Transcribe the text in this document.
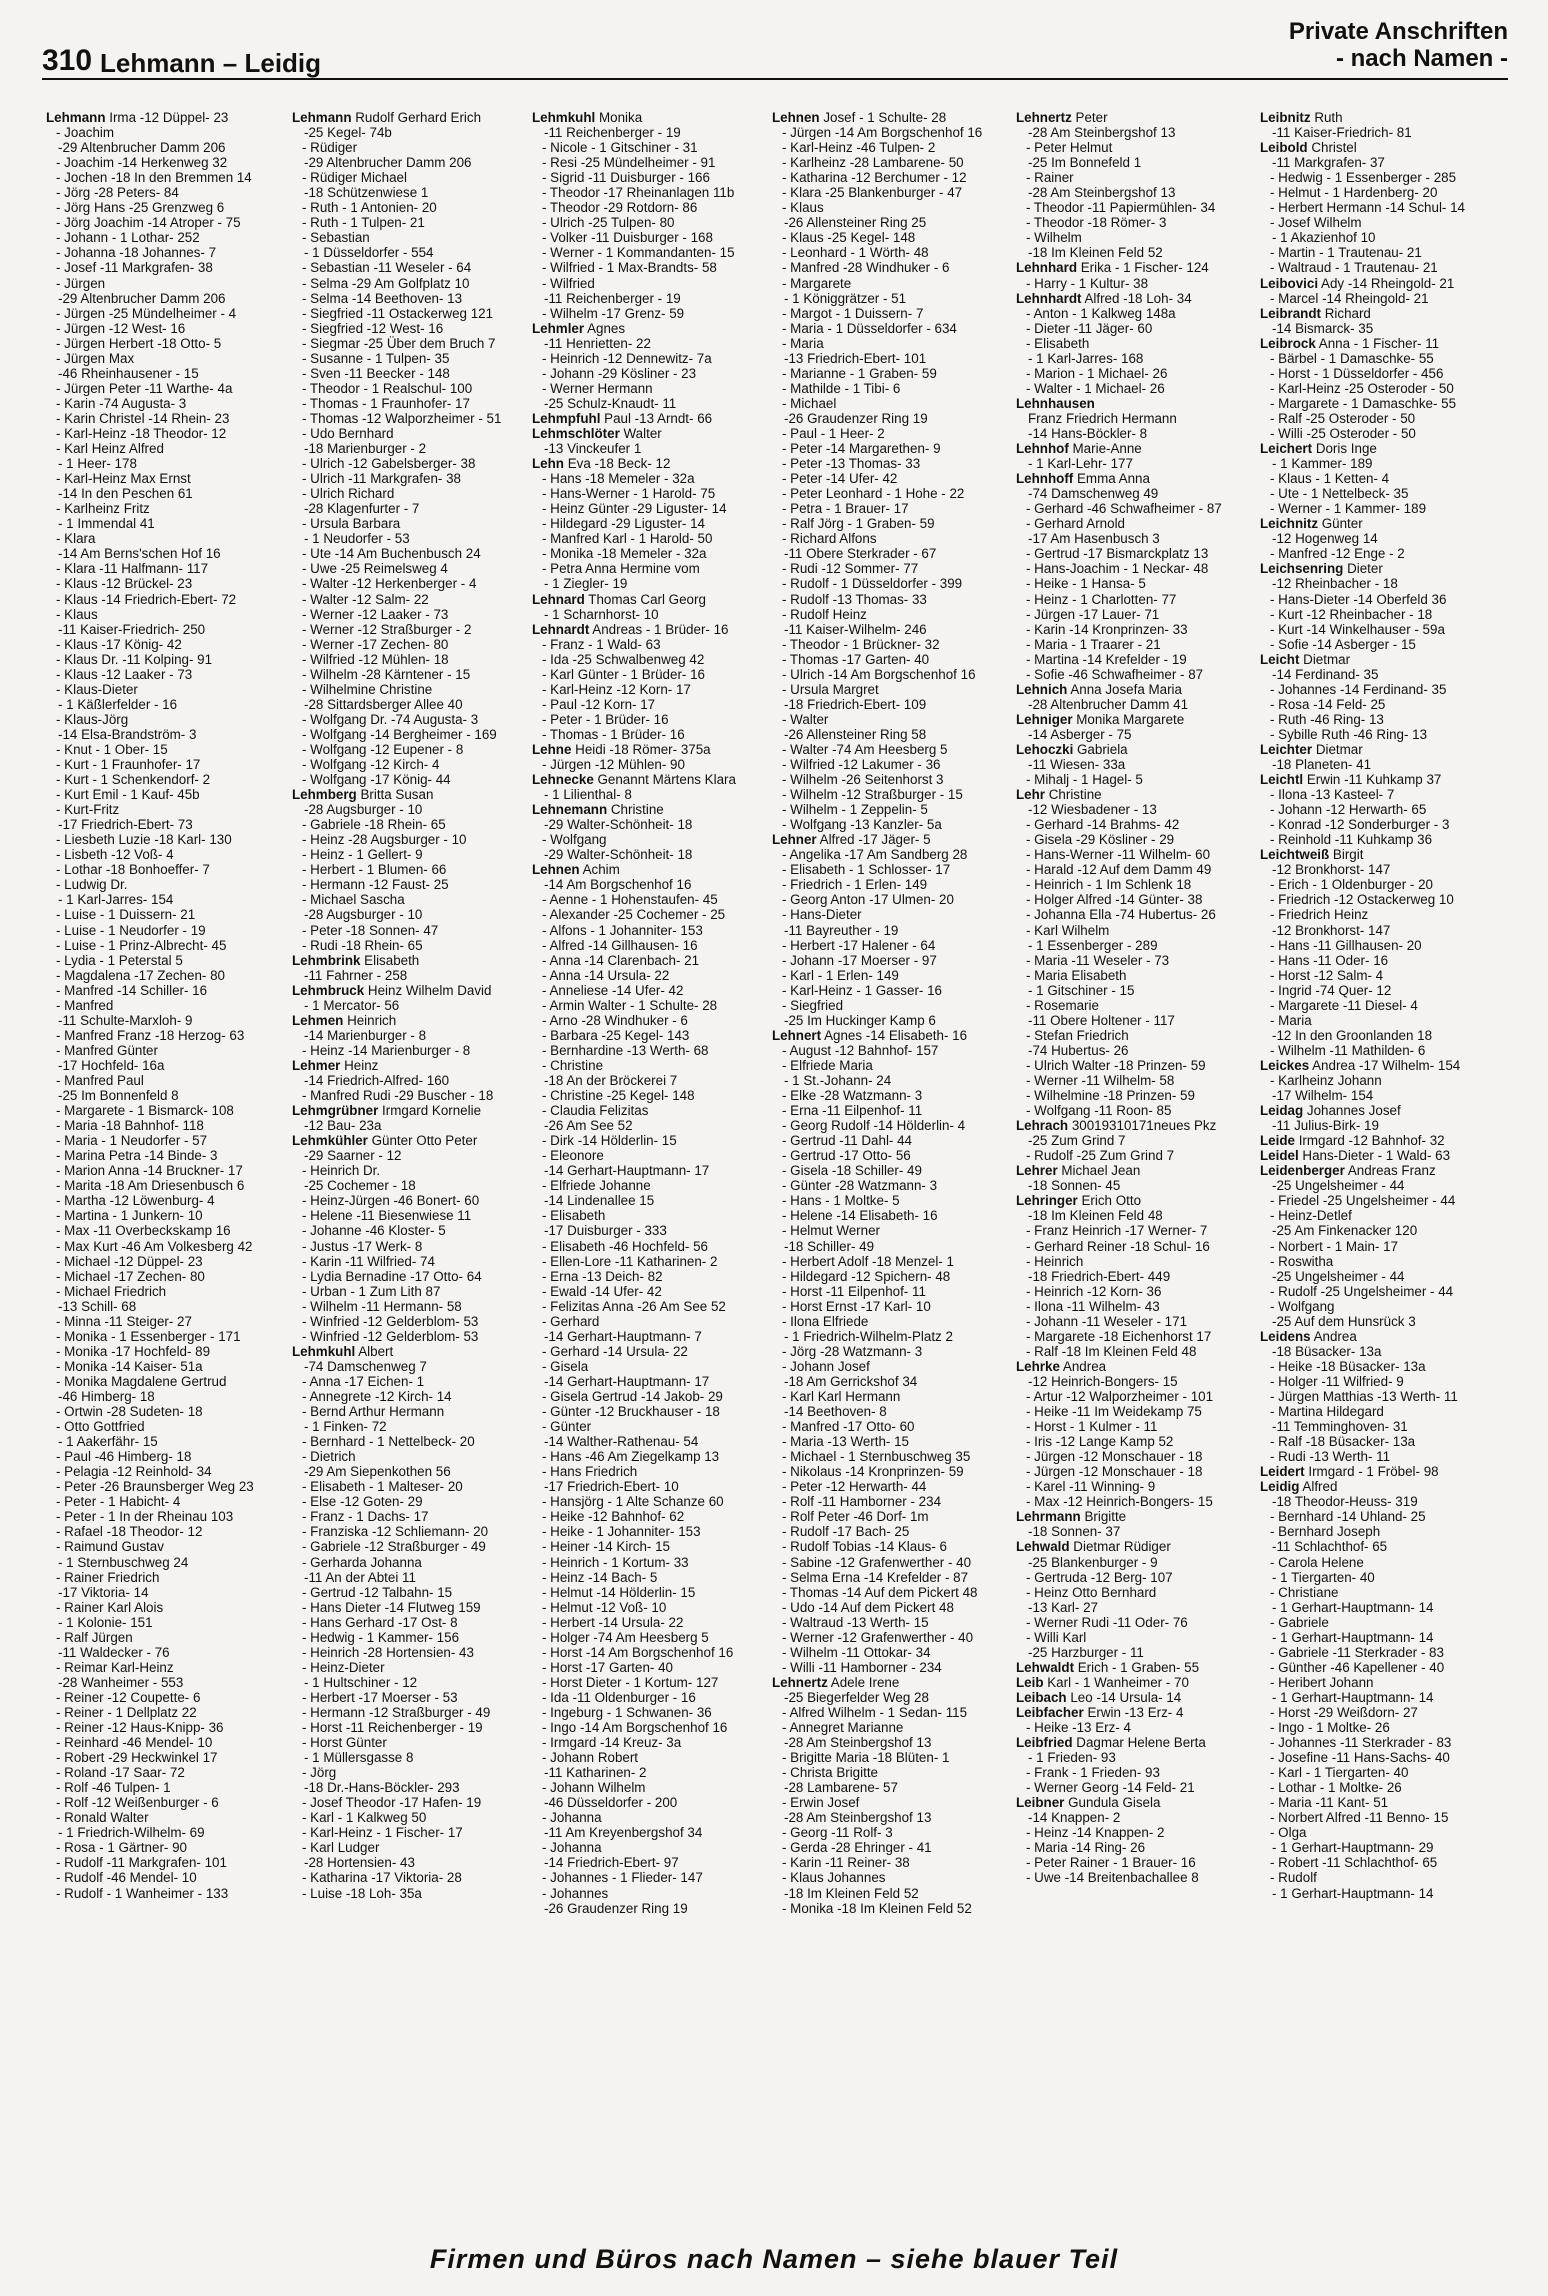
310 Lehmann – Leidig
Private Anschriften
- nach Namen -
Lehmann Irma -12 Düppel- 23
- Joachim
-29 Altenbrucher Damm 206
- Joachim -14 Herkenweg 32
- Jochen -18 In den Bremmen 14
- Jörg -28 Peters- 84
- Jörg Hans -25 Grenzweg 6
- Jörg Joachim -14 Atroper - 75
- Johann - 1 Lothar- 252
- Johanna -18 Johannes- 7
- Josef -11 Markgrafen- 38
- Jürgen
-29 Altenbrucher Damm 206
- Jürgen -25 Mündelheimer - 4
- Jürgen -12 West- 16
- Jürgen Herbert -18 Otto- 5
- Jürgen Max
-46 Rheinhausener - 15
- Jürgen Peter -11 Warthe- 4a
- Karin -74 Augusta- 3
- Karin Christel -14 Rhein- 23
- Karl-Heinz -18 Theodor- 12
- Karl Heinz Alfred
- 1 Heer- 178
- Karl-Heinz Max Ernst
-14 In den Peschen 61
- Karlheinz Fritz
- 1 Immendal 41
- Klara
-14 Am Berns'schen Hof 16
- Klara -11 Halfmann- 117
- Klaus -12 Brückel- 23
- Klaus -14 Friedrich-Ebert- 72
- Klaus
-11 Kaiser-Friedrich- 250
- Klaus -17 König- 42
- Klaus Dr. -11 Kolping- 91
- Klaus -12 Laaker - 73
- Klaus-Dieter
- 1 Käßlerfelder - 16
- Klaus-Jörg
-14 Elsa-Brandström- 3
- Knut - 1 Ober- 15
- Kurt - 1 Fraunhofer- 17
- Kurt - 1 Schenkendorf- 2
- Kurt Emil - 1 Kauf- 45b
- Kurt-Fritz
-17 Friedrich-Ebert- 73
- Liesbeth Luzie -18 Karl- 130
- Lisbeth -12 Voß- 4
- Lothar -18 Bonhoeffer- 7
- Ludwig Dr.
- 1 Karl-Jarres- 154
- Luise - 1 Duissern- 21
- Luise - 1 Neudorfer - 19
- Luise - 1 Prinz-Albrecht- 45
- Lydia - 1 Peterstal 5
- Magdalena -17 Zechen- 80
- Manfred -14 Schiller- 16
- Manfred
-11 Schulte-Marxloh- 9
- Manfred Franz -18 Herzog- 63
- Manfred Günter
-17 Hochfeld- 16a
- Manfred Paul
-25 Im Bonnenfeld 8
- Margarete - 1 Bismarck- 108
- Maria -18 Bahnhof- 118
- Maria - 1 Neudorfer - 57
- Marina Petra -14 Binde- 3
- Marion Anna -14 Bruckner- 17
- Marita -18 Am Driesenbusch 6
- Martha -12 Löwenburg- 4
- Martina - 1 Junkern- 10
- Max -11 Overbeckskamp 16
- Max Kurt -46 Am Volkesberg 42
- Michael -12 Düppel- 23
- Michael -17 Zechen- 80
- Michael Friedrich
-13 Schill- 68
- Minna -11 Steiger- 27
- Monika - 1 Essenberger - 171
- Monika -17 Hochfeld- 89
- Monika -14 Kaiser- 51a
- Monika Magdalene Gertrud
-46 Himberg- 18
- Ortwin -28 Sudeten- 18
- Otto Gottfried
- 1 Aakerfähr- 15
- Paul -46 Himberg- 18
- Pelagia -12 Reinhold- 34
- Peter -26 Braunsberger Weg 23
- Peter - 1 Habicht- 4
- Peter - 1 In der Rheinau 103
- Rafael -18 Theodor- 12
- Raimund Gustav
- 1 Sternbuschweg 24
- Rainer Friedrich
-17 Viktoria- 14
- Rainer Karl Alois
- 1 Kolonie- 151
- Ralf Jürgen
-11 Waldecker - 76
- Reimar Karl-Heinz
-28 Wanheimer - 553
- Reiner -12 Coupette- 6
- Reiner - 1 Dellplatz 22
- Reiner -12 Haus-Knipp- 36
- Reinhard -46 Mendel- 10
- Robert -29 Heckwinkel 17
- Roland -17 Saar- 72
- Rolf -46 Tulpen- 1
- Rolf -12 Weißenburger - 6
- Ronald Walter
- 1 Friedrich-Wilhelm- 69
- Rosa - 1 Gärtner- 90
- Rudolf -11 Markgrafen- 101
- Rudolf -46 Mendel- 10
- Rudolf - 1 Wanheimer - 133
Lehmann Rudolf Gerhard Erich
-25 Kegel- 74b
- Rüdiger
-29 Altenbrucher Damm 206
- Rüdiger Michael
-18 Schützenwiese 1
- Ruth - 1 Antonien- 20
- Ruth - 1 Tulpen- 21
- Sebastian
- 1 Düsseldorfer - 554
- Sebastian -11 Weseler - 64
- Selma -29 Am Golfplatz 10
- Selma -14 Beethoven- 13
- Siegfried -11 Ostackerweg 121
- Siegfried -12 West- 16
- Siegmar -25 Über dem Bruch 7
- Susanne - 1 Tulpen- 35
- Sven -11 Beecker - 148
- Theodor - 1 Realschul- 100
- Thomas - 1 Fraunhofer- 17
- Thomas -12 Walporzheimer - 51
- Udo Bernhard
-18 Marienburger - 2
- Ulrich -12 Gabelsberger- 38
- Ulrich -11 Markgrafen- 38
- Ulrich Richard
-28 Klagenfurter - 7
- Ursula Barbara
- 1 Neudorfer - 53
- Ute -14 Am Buchenbusch 24
- Uwe -25 Reimelsweg 4
- Walter -12 Herkenberger - 4
- Walter -12 Salm- 22
- Werner -12 Laaker - 73
- Werner -12 Straßburger - 2
- Werner -17 Zechen- 80
- Wilfried -12 Mühlen- 18
- Wilhelm -28 Kärntener - 15
- Wilhelmine Christine
-28 Sittardsberger Allee 40
- Wolfgang Dr. -74 Augusta- 3
- Wolfgang -14 Bergheimer - 169
- Wolfgang -12 Eupener - 8
- Wolfgang -12 Kirch- 4
- Wolfgang -17 König- 44
Lehmberg Britta Susan
-28 Augsburger - 10
- Gabriele -18 Rhein- 65
- Heinz -28 Augsburger - 10
- Heinz - 1 Gellert- 9
- Herbert - 1 Blumen- 66
- Hermann -12 Faust- 25
- Michael Sascha
-28 Augsburger - 10
- Peter -18 Sonnen- 47
- Rudi -18 Rhein- 65
Lehmbrink Elisabeth
-11 Fahrner - 258
Lehmbruck Heinz Wilhelm David
- 1 Mercator- 56
Lehmen Heinrich
-14 Marienburger - 8
- Heinz -14 Marienburger - 8
Lehmer Heinz
-14 Friedrich-Alfred- 160
- Manfred Rudi -29 Buscher - 18
Lehmgrübner Irmgard Kornelie
-12 Bau- 23a
Lehmkühler Günter Otto Peter
-29 Saarner - 12
- Heinrich Dr.
-25 Cochemer - 18
- Heinz-Jürgen -46 Bonert- 60
- Helene -11 Biesenwiese 11
- Johanne -46 Kloster- 5
- Justus -17 Werk- 8
- Karin -11 Wilfried- 74
- Lydia Bernadine -17 Otto- 64
- Urban - 1 Zum Lith 87
- Wilhelm -11 Hermann- 58
- Winfried -12 Gelderblom- 53
- Winfried -12 Gelderblom- 53
Lehmkuhl Albert
-74 Damschenweg 7
- Anna -17 Eichen- 1
- Annegrete -12 Kirch- 14
- Bernd Arthur Hermann
- 1 Finken- 72
- Bernhard - 1 Nettelbeck- 20
- Dietrich
-29 Am Siepenkothen 56
- Elisabeth - 1 Malteser- 20
- Else -12 Goten- 29
- Franz - 1 Dachs- 17
- Franziska -12 Schliemann- 20
- Gabriele -12 Straßburger - 49
- Gerharda Johanna
-11 An der Abtei 11
- Gertrud -12 Talbahn- 15
- Hans Dieter -14 Flutweg 159
- Hans Gerhard -17 Ost- 8
- Hedwig - 1 Kammer- 156
- Heinrich -28 Hortensien- 43
- Heinz-Dieter
- 1 Hultschiner - 12
- Herbert -17 Moerser - 53
- Hermann -12 Straßburger - 49
- Horst -11 Reichenberger - 19
- Horst Günter
- 1 Müllersgasse 8
- Jörg
-18 Dr.-Hans-Böckler- 293
- Josef Theodor -17 Hafen- 19
- Karl - 1 Kalkweg 50
- Karl-Heinz - 1 Fischer- 17
- Karl Ludger
-28 Hortensien- 43
- Katharina -17 Viktoria- 28
- Luise -18 Loh- 35a
Lehmkuhl Monika
-11 Reichenberger - 19
- Nicole - 1 Gitschiner - 31
- Resi -25 Mündelheimer - 91
- Sigrid -11 Duisburger - 166
- Theodor -17 Rheinanlagen 11b
- Theodor -29 Rotdorn- 86
- Ulrich -25 Tulpen- 80
- Volker -11 Duisburger - 168
- Werner - 1 Kommandanten- 15
- Wilfried - 1 Max-Brandts- 58
- Wilfried
-11 Reichenberger - 19
- Wilhelm -17 Grenz- 59
Lehmler Agnes
-11 Henrietten- 22
- Heinrich -12 Dennewitz- 7a
- Johann -29 Kösliner - 23
- Werner Hermann
-25 Schulz-Knaudt- 11
Lehmpfuhl Paul -13 Arndt- 66
Lehmschlöter Walter
-13 Vinckeufer 1
Lehn Eva -18 Beck- 12
- Hans -18 Memeler - 32a
- Hans-Werner - 1 Harold- 75
- Heinz Günter -29 Liguster- 14
- Hildegard -29 Liguster- 14
- Manfred Karl - 1 Harold- 50
- Monika -18 Memeler - 32a
- Petra Anna Hermine vom
- 1 Ziegler- 19
Lehnard Thomas Carl Georg
- 1 Scharnhorst- 10
Lehnardt Andreas - 1 Brüder- 16
- Franz - 1 Wald- 63
- Ida -25 Schwalbenweg 42
- Karl Günter - 1 Brüder- 16
- Karl-Heinz -12 Korn- 17
- Paul -12 Korn- 17
- Peter - 1 Brüder- 16
- Thomas - 1 Brüder- 16
Lehne Heidi -18 Römer- 375a
- Jürgen -12 Mühlen- 90
Lehnecke Genannt Märtens Klara
- 1 Lilienthal- 8
Lehnemann Christine
-29 Walter-Schönheit- 18
- Wolfgang
-29 Walter-Schönheit- 18
Lehnen Achim
-14 Am Borgschenhof 16
- Aenne - 1 Hohenstaufen- 45
- Alexander -25 Cochemer - 25
- Alfons - 1 Johanniter- 153
- Alfred -14 Gillhausen- 16
- Anna -14 Clarenbach- 21
- Anna -14 Ursula- 22
- Anneliese -14 Ufer- 42
- Armin Walter - 1 Schulte- 28
- Arno -28 Windhuker - 6
- Barbara -25 Kegel- 143
- Bernhardine -13 Werth- 68
- Christine
-18 An der Bröckerei 7
- Christine -25 Kegel- 148
- Claudia Felizitas
-26 Am See 52
- Dirk -14 Hölderlin- 15
- Eleonore
-14 Gerhart-Hauptmann- 17
- Elfriede Johanne
-14 Lindenallee 15
- Elisabeth
-17 Duisburger - 333
- Elisabeth -46 Hochfeld- 56
- Ellen-Lore -11 Katharinen- 2
- Erna -13 Deich- 82
- Ewald -14 Ufer- 42
- Felizitas Anna -26 Am See 52
- Gerhard
-14 Gerhart-Hauptmann- 7
- Gerhard -14 Ursula- 22
- Gisela
-14 Gerhart-Hauptmann- 17
- Gisela Gertrud -14 Jakob- 29
- Günter -12 Bruckhauser - 18
- Günter
-14 Walther-Rathenau- 54
- Hans -46 Am Ziegelkamp 13
- Hans Friedrich
-17 Friedrich-Ebert- 10
- Hansjörg - 1 Alte Schanze 60
- Heike -12 Bahnhof- 62
- Heike - 1 Johanniter- 153
- Heiner -14 Kirch- 15
- Heinrich - 1 Kortum- 33
- Heinz -14 Bach- 5
- Helmut -14 Hölderlin- 15
- Helmut -12 Voß- 10
- Herbert -14 Ursula- 22
- Holger -74 Am Heesberg 5
- Horst -14 Am Borgschenhof 16
- Horst -17 Garten- 40
- Horst Dieter - 1 Kortum- 127
- Ida -11 Oldenburger - 16
- Ingeburg - 1 Schwanen- 36
- Ingo -14 Am Borgschenhof 16
- Irmgard -14 Kreuz- 3a
- Johann Robert
-11 Katharinen- 2
- Johann Wilhelm
-46 Düsseldorfer - 200
- Johanna
-11 Am Kreyenbergshof 34
- Johanna
-14 Friedrich-Ebert- 97
- Johannes - 1 Flieder- 147
- Johannes
-26 Graudenzer Ring 19
Lehnen Josef - 1 Schulte- 28
- Jürgen -14 Am Borgschenhof 16
- Karl-Heinz -46 Tulpen- 2
- Karlheinz -28 Lambarene- 50
- Katharina -12 Berchumer - 12
- Klara -25 Blankenburger - 47
- Klaus
-26 Allensteiner Ring 25
- Klaus -25 Kegel- 148
- Leonhard - 1 Wörth- 48
- Manfred -28 Windhuker - 6
- Margarete
- 1 Königgrätzer - 51
- Margot - 1 Duissern- 7
- Maria - 1 Düsseldorfer - 634
- Maria
-13 Friedrich-Ebert- 101
- Marianne - 1 Graben- 59
- Mathilde - 1 Tibi- 6
- Michael
-26 Graudenzer Ring 19
- Paul - 1 Heer- 2
- Peter -14 Margarethen- 9
- Peter -13 Thomas- 33
- Peter -14 Ufer- 42
- Peter Leonhard - 1 Hohe - 22
- Petra - 1 Brauer- 17
- Ralf Jörg - 1 Graben- 59
- Richard Alfons
-11 Obere Sterkrader - 67
- Rudi -12 Sommer- 77
- Rudolf - 1 Düsseldorfer - 399
- Rudolf -13 Thomas- 33
- Rudolf Heinz
-11 Kaiser-Wilhelm- 246
- Theodor - 1 Brückner- 32
- Thomas -17 Garten- 40
- Ulrich -14 Am Borgschenhof 16
- Ursula Margret
-18 Friedrich-Ebert- 109
- Walter
-26 Allensteiner Ring 58
- Walter -74 Am Heesberg 5
- Wilfried -12 Lakumer - 36
- Wilhelm -26 Seitenhorst 3
- Wilhelm -12 Straßburger - 15
- Wilhelm - 1 Zeppelin- 5
- Wolfgang -13 Kanzler- 5a
Lehner Alfred -17 Jäger- 5
- Angelika -17 Am Sandberg 28
- Elisabeth - 1 Schlosser- 17
- Friedrich - 1 Erlen- 149
- Georg Anton -17 Ulmen- 20
- Hans-Dieter
-11 Bayreuther - 19
- Herbert -17 Halener - 64
- Johann -17 Moerser - 97
- Karl - 1 Erlen- 149
- Karl-Heinz - 1 Gasser- 16
- Siegfried
-25 Im Huckinger Kamp 6
Lehnert Agnes -14 Elisabeth- 16
- August -12 Bahnhof- 157
- Elfriede Maria
- 1 St.-Johann- 24
- Elke -28 Watzmann- 3
- Erna -11 Eilpenhof- 11
- Georg Rudolf -14 Hölderlin- 4
- Gertrud -11 Dahl- 44
- Gertrud -17 Otto- 56
- Gisela -18 Schiller- 49
- Günter -28 Watzmann- 3
- Hans - 1 Moltke- 5
- Helene -14 Elisabeth- 16
- Helmut Werner
-18 Schiller- 49
- Herbert Adolf -18 Menzel- 1
- Hildegard -12 Spichern- 48
- Horst -11 Eilpenhof- 11
- Horst Ernst -17 Karl- 10
- Ilona Elfriede
- 1 Friedrich-Wilhelm-Platz 2
- Jörg -28 Watzmann- 3
- Johann Josef
-18 Am Gerrickshof 34
- Karl Karl Hermann
-14 Beethoven- 8
- Manfred -17 Otto- 60
- Maria -13 Werth- 15
- Michael - 1 Sternbuschweg 35
- Nikolaus -14 Kronprinzen- 59
- Peter -12 Herwarth- 44
- Rolf -11 Hamborner - 234
- Rolf Peter -46 Dorf- 1m
- Rudolf -17 Bach- 25
- Rudolf Tobias -14 Klaus- 6
- Sabine -12 Grafenwerther - 40
- Selma Erna -14 Krefelder - 87
- Thomas -14 Auf dem Pickert 48
- Udo -14 Auf dem Pickert 48
- Waltraud -13 Werth- 15
- Werner -12 Grafenwerther - 40
- Wilhelm -11 Ottokar- 34
- Willi -11 Hamborner - 234
Lehnertz Adele Irene
-25 Biegerfelder Weg 28
- Alfred Wilhelm - 1 Sedan- 115
- Annegret Marianne
-28 Am Steinbergshof 13
- Brigitte Maria -18 Blüten- 1
- Christa Brigitte
-28 Lambarene- 57
- Erwin Josef
-28 Am Steinbergshof 13
- Georg -11 Rolf- 3
- Gerda -28 Ehringer - 41
- Karin -11 Reiner- 38
- Klaus Johannes
-18 Im Kleinen Feld 52
- Monika -18 Im Kleinen Feld 52
Lehnertz Peter
-28 Am Steinbergshof 13
- Peter Helmut
-25 Im Bonnefeld 1
- Rainer
-28 Am Steinbergshof 13
- Theodor -11 Papiermühlen- 34
- Theodor -18 Römer- 3
- Wilhelm
-18 Im Kleinen Feld 52
Lehnhard Erika - 1 Fischer- 124
- Harry - 1 Kultur- 38
Lehnhardt Alfred -18 Loh- 34
- Anton - 1 Kalkweg 148a
- Dieter -11 Jäger- 60
- Elisabeth
- 1 Karl-Jarres- 168
- Marion - 1 Michael- 26
- Walter - 1 Michael- 26
Lehnhausen
Franz Friedrich Hermann
-14 Hans-Böckler- 8
Lehnhof Marie-Anne
- 1 Karl-Lehr- 177
Lehnhoff Emma Anna
-74 Damschenweg 49
- Gerhard -46 Schwafheimer - 87
- Gerhard Arnold
-17 Am Hasenbusch 3
- Gertrud -17 Bismarckplatz 13
- Hans-Joachim - 1 Neckar- 48
- Heike - 1 Hansa- 5
- Heinz - 1 Charlotten- 77
- Jürgen -17 Lauer- 71
- Karin -14 Kronprinzen- 33
- Maria - 1 Traarer - 21
- Martina -14 Krefelder - 19
- Sofie -46 Schwafheimer - 87
Lehnich Anna Josefa Maria
-28 Altenbrucher Damm 41
Lehniger Monika Margarete
-14 Asberger - 75
Lehoczki Gabriela
-11 Wiesen- 33a
- Mihalj - 1 Hagel- 5
Lehr Christine
-12 Wiesbadener - 13
- Gerhard -14 Brahms- 42
- Gisela -29 Kösliner - 29
- Hans-Werner -11 Wilhelm- 60
- Harald -12 Auf dem Damm 49
- Heinrich - 1 Im Schlenk 18
- Holger Alfred -14 Günter- 38
- Johanna Ella -74 Hubertus- 26
- Karl Wilhelm
- 1 Essenberger - 289
- Maria -11 Weseler - 73
- Maria Elisabeth
- 1 Gitschiner - 15
- Rosemarie
-11 Obere Holtener - 117
- Stefan Friedrich
-74 Hubertus- 26
- Ulrich Walter -18 Prinzen- 59
- Werner -11 Wilhelm- 58
- Wilhelmine -18 Prinzen- 59
- Wolfgang -11 Roon- 85
Lehrach 30019310171neues Pkz
-25 Zum Grind 7
- Rudolf -25 Zum Grind 7
Lehrer Michael Jean
-18 Sonnen- 45
Lehringer Erich Otto
-18 Im Kleinen Feld 48
- Franz Heinrich -17 Werner- 7
- Gerhard Reiner -18 Schul- 16
- Heinrich
-18 Friedrich-Ebert- 449
- Heinrich -12 Korn- 36
- Ilona -11 Wilhelm- 43
- Johann -11 Weseler - 171
- Margarete -18 Eichenhorst 17
- Ralf -18 Im Kleinen Feld 48
Lehrke Andrea
-12 Heinrich-Bongers- 15
- Artur -12 Walporzheimer - 101
- Heike -11 Im Weidekamp 75
- Horst - 1 Kulmer - 11
- Iris -12 Lange Kamp 52
- Jürgen -12 Monschauer - 18
- Jürgen -12 Monschauer - 18
- Karel -11 Winning- 9
- Max -12 Heinrich-Bongers- 15
Lehrmann Brigitte
-18 Sonnen- 37
Lehwald Dietmar Rüdiger
-25 Blankenburger - 9
- Gertruda -12 Berg- 107
- Heinz Otto Bernhard
-13 Karl- 27
- Werner Rudi -11 Oder- 76
- Willi Karl
-25 Harzburger - 11
Lehwaldt Erich - 1 Graben- 55
Leib Karl - 1 Wanheimer - 70
Leibach Leo -14 Ursula- 14
Leibfacher Erwin -13 Erz- 4
- Heike -13 Erz- 4
Leibfried Dagmar Helene Berta
- 1 Frieden- 93
- Frank - 1 Frieden- 93
- Werner Georg -14 Feld- 21
Leibner Gundula Gisela
-14 Knappen- 2
- Heinz -14 Knappen- 2
- Maria -14 Ring- 26
- Peter Rainer - 1 Brauer- 16
- Uwe -14 Breitenbachallee 8
Leibnitz Ruth
-11 Kaiser-Friedrich- 81
Leibold Christel
-11 Markgrafen- 37
- Hedwig - 1 Essenberger - 285
- Helmut - 1 Hardenberg- 20
- Herbert Hermann -14 Schul- 14
- Josef Wilhelm
- 1 Akazienhof 10
- Martin - 1 Trautenau- 21
- Waltraud - 1 Trautenau- 21
Leibovici Ady -14 Rheingold- 21
- Marcel -14 Rheingold- 21
Leibrandt Richard
-14 Bismarck- 35
Leibrock Anna - 1 Fischer- 11
- Bärbel - 1 Damaschke- 55
- Horst - 1 Düsseldorfer - 456
- Karl-Heinz -25 Osteroder - 50
- Margarete - 1 Damaschke- 55
- Ralf -25 Osteroder - 50
- Willi -25 Osteroder - 50
Leichert Doris Inge
- 1 Kammer- 189
- Klaus - 1 Ketten- 4
- Ute - 1 Nettelbeck- 35
- Werner - 1 Kammer- 189
Leichnitz Günter
-12 Hogenweg 14
- Manfred -12 Enge - 2
Leichsenring Dieter
-12 Rheinbacher - 18
- Hans-Dieter -14 Oberfeld 36
- Kurt -12 Rheinbacher - 18
- Kurt -14 Winkelhauser - 59a
- Sofie -14 Asberger - 15
Leicht Dietmar
-14 Ferdinand- 35
- Johannes -14 Ferdinand- 35
- Rosa -14 Feld- 25
- Ruth -46 Ring- 13
- Sybille Ruth -46 Ring- 13
Leichter Dietmar
-18 Planeten- 41
Leichtl Erwin -11 Kuhkamp 37
- Ilona -13 Kasteel- 7
- Johann -12 Herwarth- 65
- Konrad -12 Sonderburger - 3
- Reinhold -11 Kuhkamp 36
Leichtweiß Birgit
-12 Bronkhorst- 147
- Erich - 1 Oldenburger - 20
- Friedrich -12 Ostackerweg 10
- Friedrich Heinz
-12 Bronkhorst- 147
- Hans -11 Gillhausen- 20
- Hans -11 Oder- 16
- Horst -12 Salm- 4
- Ingrid -74 Quer- 12
- Margarete -11 Diesel- 4
- Maria
-12 In den Groonlanden 18
- Wilhelm -11 Mathilden- 6
Leickes Andrea -17 Wilhelm- 154
- Karlheinz Johann
-17 Wilhelm- 154
Leidag Johannes Josef
-11 Julius-Birk- 19
Leide Irmgard -12 Bahnhof- 32
Leidel Hans-Dieter - 1 Wald- 63
Leidenberger Andreas Franz
-25 Ungelsheimer - 44
- Friedel -25 Ungelsheimer - 44
- Heinz-Detlef
-25 Am Finkenacker 120
- Norbert - 1 Main- 17
- Roswitha
-25 Ungelsheimer - 44
- Rudolf -25 Ungelsheimer - 44
- Wolfgang
-25 Auf dem Hunsrück 3
Leidens Andrea
-18 Büsacker- 13a
- Heike -18 Büsacker- 13a
- Holger -11 Wilfried- 9
- Jürgen Matthias -13 Werth- 11
- Martina Hildegard
-11 Temminghoven- 31
- Ralf -18 Büsacker- 13a
- Rudi -13 Werth- 11
Leidert Irmgard - 1 Fröbel- 98
Leidig Alfred
-18 Theodor-Heuss- 319
- Bernhard -14 Uhland- 25
- Bernhard Joseph
-11 Schlachthof- 65
- Carola Helene
- 1 Tiergarten- 40
- Christiane
- 1 Gerhart-Hauptmann- 14
- Gabriele
- 1 Gerhart-Hauptmann- 14
- Gabriele -11 Sterkrader - 83
- Günther -46 Kapellener - 40
- Heribert Johann
- 1 Gerhart-Hauptmann- 14
- Horst -29 Weißdorn- 27
- Ingo - 1 Moltke- 26
- Johannes -11 Sterkrader - 83
- Josefine -11 Hans-Sachs- 40
- Karl - 1 Tiergarten- 40
- Lothar - 1 Moltke- 26
- Maria -11 Kant- 51
- Norbert Alfred -11 Benno- 15
- Olga
- 1 Gerhart-Hauptmann- 29
- Robert -11 Schlachthof- 65
- Rudolf
- 1 Gerhart-Hauptmann- 14
Firmen und Büros nach Namen – siehe blauer Teil
